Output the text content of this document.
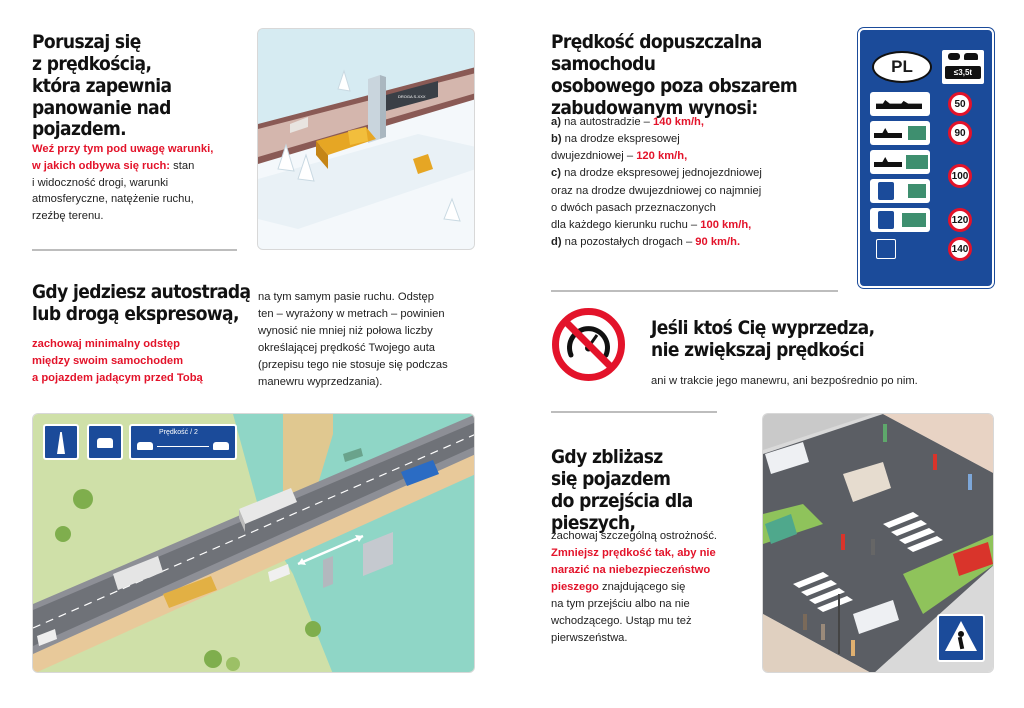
Poruszaj się
z prędkością,
która zapewnia
panowanie nad pojazdem.
Weź przy tym pod uwagę warunki,
w jakich odbywa się ruch: stan
i widoczność drogi, warunki
atmosferyczne, natężenie ruchu,
rzeźbę terenu.
DROGA S-XXX
Prędkość dopuszczalna samochodu
osobowego poza obszarem
zabudowanym wynosi:
a) na autostradzie – 140 km/h,
b) na drodze ekspresowej
dwujezdniowej – 120 km/h,
c) na drodze ekspresowej jednojezdniowej
oraz na drodze dwujezdniowej co najmniej
o dwóch pasach przeznaczonych
dla każdego kierunku ruchu – 100 km/h,
d) na pozostałych drogach – 90 km/h.
PL	≤3,5t
50
90
100
120
140
Gdy jedziesz autostradą
lub drogą ekspresową,
zachowaj minimalny odstęp
między swoim samochodem
a pojazdem jadącym przed Tobą
na tym samym pasie ruchu. Odstęp
ten – wyrażony w metrach – powinien
wynosić nie mniej niż połowa liczby
określającej prędkość Twojego auta
(przepisu tego nie stosuje się podczas
manewru wyprzedzania).
Prędkość / 2
Jeśli ktoś Cię wyprzedza,
nie zwiększaj prędkości
ani w trakcie jego manewru, ani bezpośrednio po nim.
Gdy zbliżasz
się pojazdem
do przejścia dla pieszych,
zachowaj szczególną ostrożność.
Zmniejsz prędkość tak, aby nie
narazić na niebezpieczeństwo
pieszego znajdującego się
na tym przejściu albo na nie
wchodzącego. Ustąp mu też
pierwszeństwa.
